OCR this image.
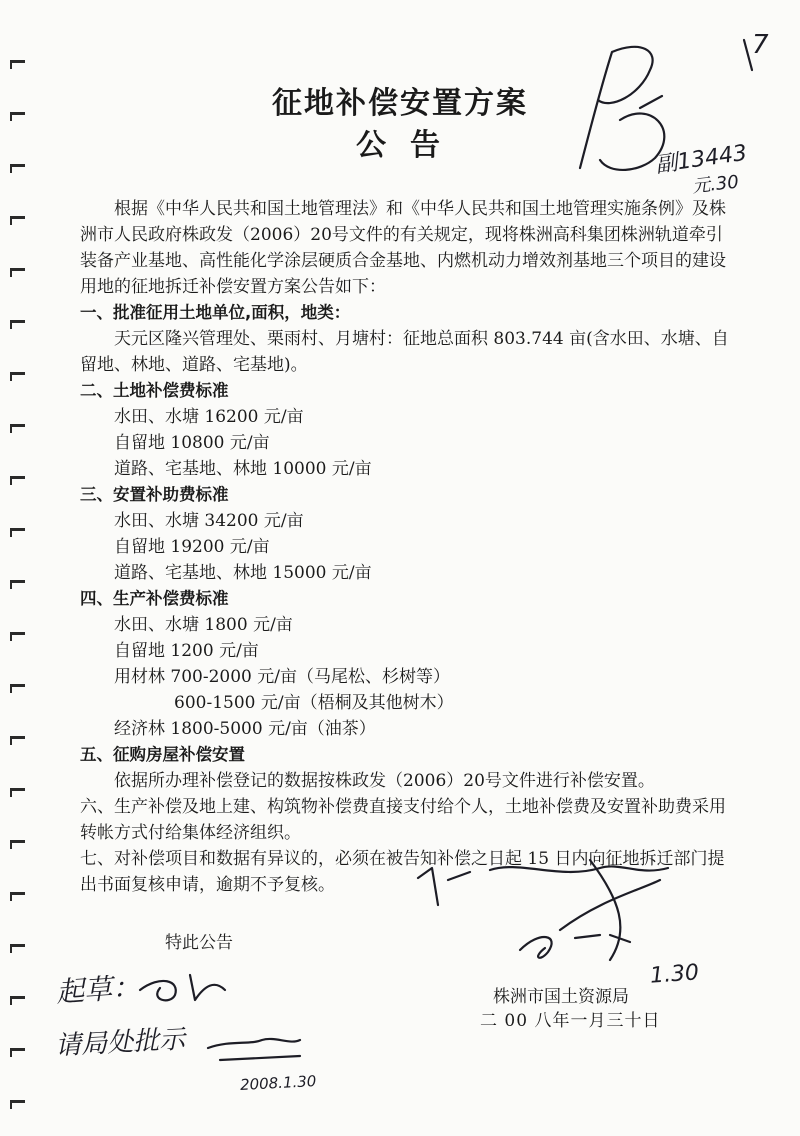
征地补偿安置方案
公告

根据《中华人民共和国土地管理法》和《中华人民共和国土地管理实施条例》及株洲市人民政府株政发（2006）20号文件的有关规定，现将株洲高科集团株洲轨道牵引装备产业基地、高性能化学涂层硬质合金基地、内燃机动力增效剂基地三个项目的建设用地的征地拆迁补偿安置方案公告如下：

一、批准征用土地单位,面积，地类：

天元区隆兴管理处、栗雨村、月塘村：征地总面积 803.744 亩(含水田、水塘、自留地、林地、道路、宅基地)。

二、土地补偿费标准

水田、水塘 16200 元/亩

自留地 10800 元/亩

道路、宅基地、林地 10000 元/亩

三、安置补助费标准

水田、水塘 34200 元/亩

自留地 19200 元/亩

道路、宅基地、林地 15000 元/亩

四、生产补偿费标准

水田、水塘 1800 元/亩

自留地 1200 元/亩

用材林 700-2000 元/亩（马尾松、杉树等）

600-1500 元/亩（梧桐及其他树木）

经济林 1800-5000 元/亩（油茶）

五、征购房屋补偿安置

依据所办理补偿登记的数据按株政发（2006）20号文件进行补偿安置。

六、生产补偿及地上建、构筑物补偿费直接支付给个人，土地补偿费及安置补助费采用转帐方式付给集体经济组织。

七、对补偿项目和数据有异议的，必须在被告知补偿之日起 15 日内向征地拆迁部门提出书面复核申请，逾期不予复核。

特此公告
株洲市国土资源局
二 00 八年一月三十日
7
副13443
元.30
起草：
请局处批示
2008.1.30
1.30
